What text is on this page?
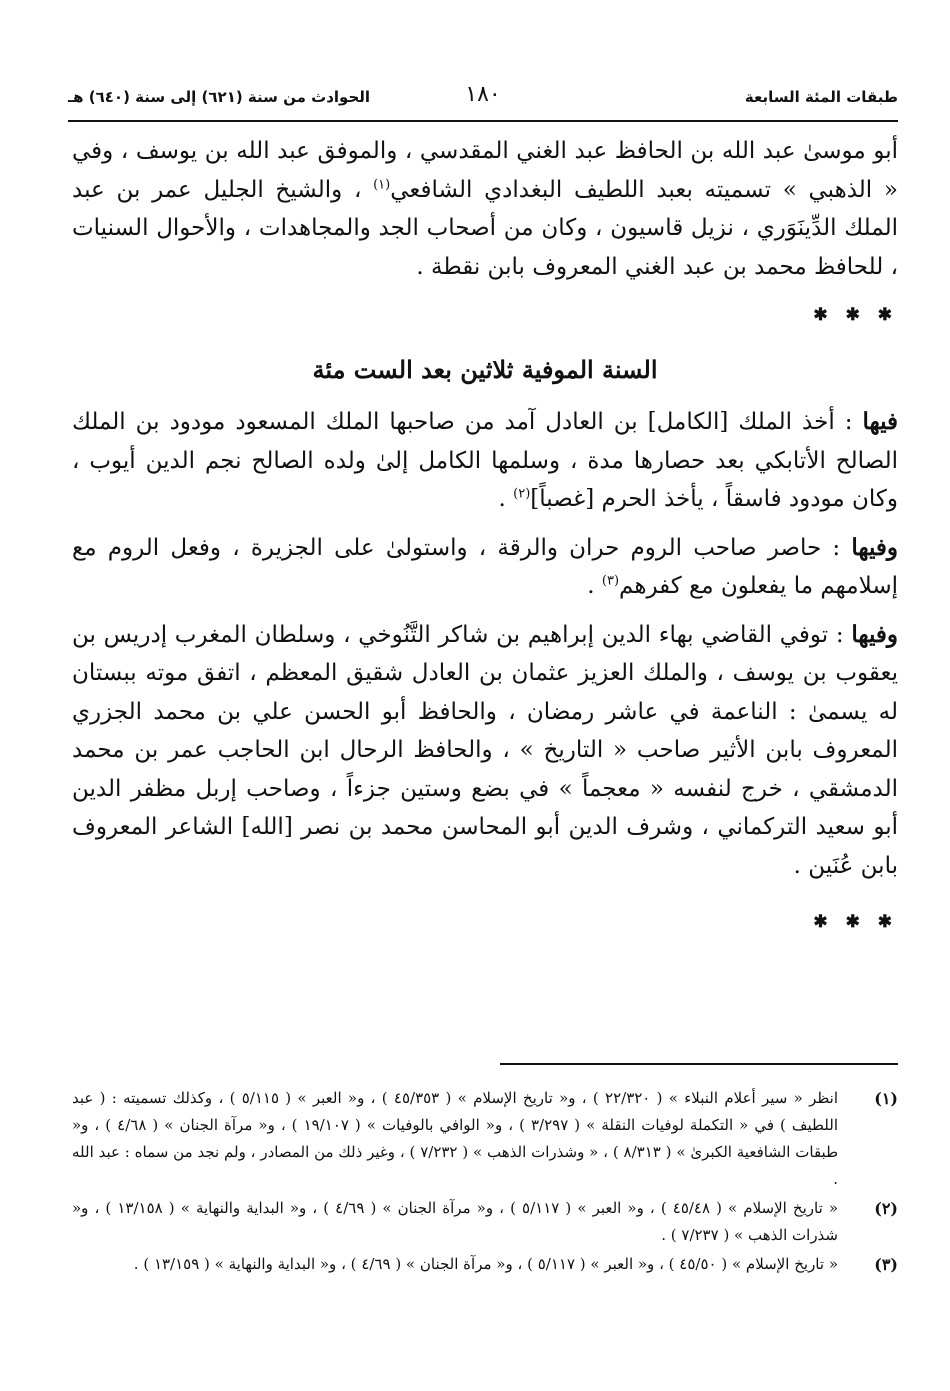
طبقات المئة السابعة
١٨٠
الحوادث من سنة (٦٢١) إلى سنة (٦٤٠) هـ

أبو موسىٰ عبد الله بن الحافظ عبد الغني المقدسي ، والموفق عبد الله بن يوسف ، وفي « الذهبي » تسميته بعبد اللطيف البغدادي الشافعي$^{(١)}$ ، والشيخ الجليل عمر بن عبد الملك الدِّينَوَري ، نزيل قاسيون ، وكان من أصحاب الجد والمجاهدات ، والأحوال السنيات ، للحافظ محمد بن عبد الغني المعروف بابن نقطة .

✱ ✱ ✱

السنة الموفية ثلاثين بعد الست مئة

فيها : أخذ الملك [الكامل] بن العادل آمد من صاحبها الملك المسعود مودود بن الملك الصالح الأتابكي بعد حصارها مدة ، وسلمها الكامل إلىٰ ولده الصالح نجم الدين أيوب ، وكان مودود فاسقاً ، يأخذ الحرم [غصباً]$^{(٢)}$ .

وفيها : حاصر صاحب الروم حران والرقة ، واستولىٰ على الجزيرة ، وفعل الروم مع إسلامهم ما يفعلون مع كفرهم$^{(٣)}$ .

وفيها : توفي القاضي بهاء الدين إبراهيم بن شاكر التَّنُوخي ، وسلطان المغرب إدريس بن يعقوب بن يوسف ، والملك العزيز عثمان بن العادل شقيق المعظم ، اتفق موته ببستان له يسمىٰ : الناعمة في عاشر رمضان ، والحافظ أبو الحسن علي بن محمد الجزري المعروف بابن الأثير صاحب « التاريخ » ، والحافظ الرحال ابن الحاجب عمر بن محمد الدمشقي ، خرج لنفسه « معجماً » في بضع وستين جزءاً ، وصاحب إربل مظفر الدين أبو سعيد التركماني ، وشرف الدين أبو المحاسن محمد بن نصر [الله] الشاعر المعروف بابن عُنَين .

✱ ✱ ✱
(١)
انظر « سير أعلام النبلاء » ( ٢٢/٣٢٠ ) ، و« تاريخ الإسلام » ( ٤٥/٣٥٣ ) ، و« العبر » ( ٥/١١٥ ) ، وكذلك تسميته : ( عبد اللطيف ) في « التكملة لوفيات النقلة » ( ٣/٢٩٧ ) ، و« الوافي بالوفيات » ( ١٩/١٠٧ ) ، و« مرآة الجنان » ( ٤/٦٨ ) ، و« طبقات الشافعية الكبرىٰ » ( ٨/٣١٣ ) ، « وشذرات الذهب » ( ٧/٢٣٢ ) ، وغير ذلك من المصادر ، ولم نجد من سماه : عبد الله .
(٢)
« تاريخ الإسلام » ( ٤٥/٤٨ ) ، و« العبر » ( ٥/١١٧ ) ، و« مرآة الجنان » ( ٤/٦٩ ) ، و« البداية والنهاية » ( ١٣/١٥٨ ) ، و« شذرات الذهب » ( ٧/٢٣٧ ) .
(٣)
« تاريخ الإسلام » ( ٤٥/٥٠ ) ، و« العبر » ( ٥/١١٧ ) ، و« مرآة الجنان » ( ٤/٦٩ ) ، و« البداية والنهاية » ( ١٣/١٥٩ ) .
